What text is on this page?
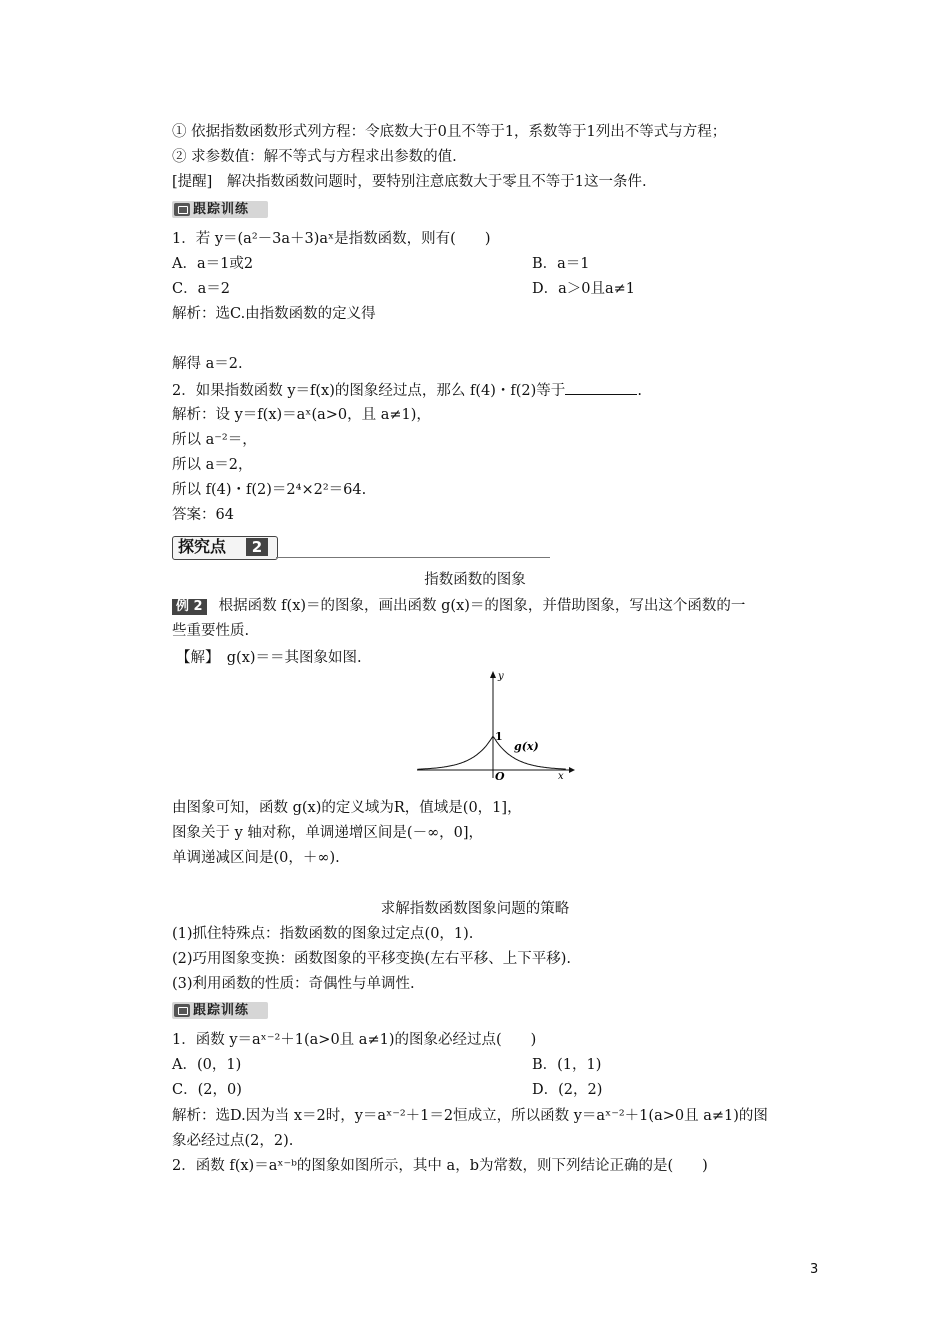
① 依据指数函数形式列方程：令底数大于0且不等于1，系数等于1列出不等式与方程；
② 求参数值：解不等式与方程求出参数的值.
[提醒]　解决指数函数问题时，要特别注意底数大于零且不等于1这一条件.
跟踪训练
1．若 y＝(a²－3a＋3)aˣ是指数函数，则有(　　)
A．a＝1或2	B．a＝1
C．a＝2	D．a＞0且a≠1
解析：选C.由指数函数的定义得
解得 a＝2.
2．如果指数函数 y＝f(x)的图象经过点，那么 f(4)・f(2)等于	.
解析：设 y＝f(x)＝aˣ(a>0，且 a≠1)，
所以 a⁻²＝，
所以 a＝2，
所以 f(4)・f(2)＝2⁴×2²＝64.
答案：64
探究点	2
指数函数的图象
例 2 根据函数 f(x)＝的图象，画出函数 g(x)＝的图象，并借助图象，写出这个函数的一
些重要性质.
【解】　g(x)＝＝其图象如图.
y
x
O
1
g(x)
由图象可知，函数 g(x)的定义域为R，值域是(0，1]，
图象关于 y 轴对称，单调递增区间是(－∞，0]，
单调递减区间是(0，＋∞).
求解指数函数图象问题的策略
(1)抓住特殊点：指数函数的图象过定点(0，1).
(2)巧用图象变换：函数图象的平移变换(左右平移、上下平移).
(3)利用函数的性质：奇偶性与单调性.
跟踪训练
1．函数 y＝aˣ⁻²＋1(a>0且 a≠1)的图象必经过点(　　)
A．(0，1)	B．(1，1)
C．(2，0)	D．(2，2)
解析：选D.因为当 x＝2时，y＝aˣ⁻²＋1＝2恒成立，所以函数 y＝aˣ⁻²＋1(a>0且 a≠1)的图
象必经过点(2，2).
2．函数 f(x)＝aˣ⁻ᵇ的图象如图所示，其中 a，b为常数，则下列结论正确的是(　　)
3
